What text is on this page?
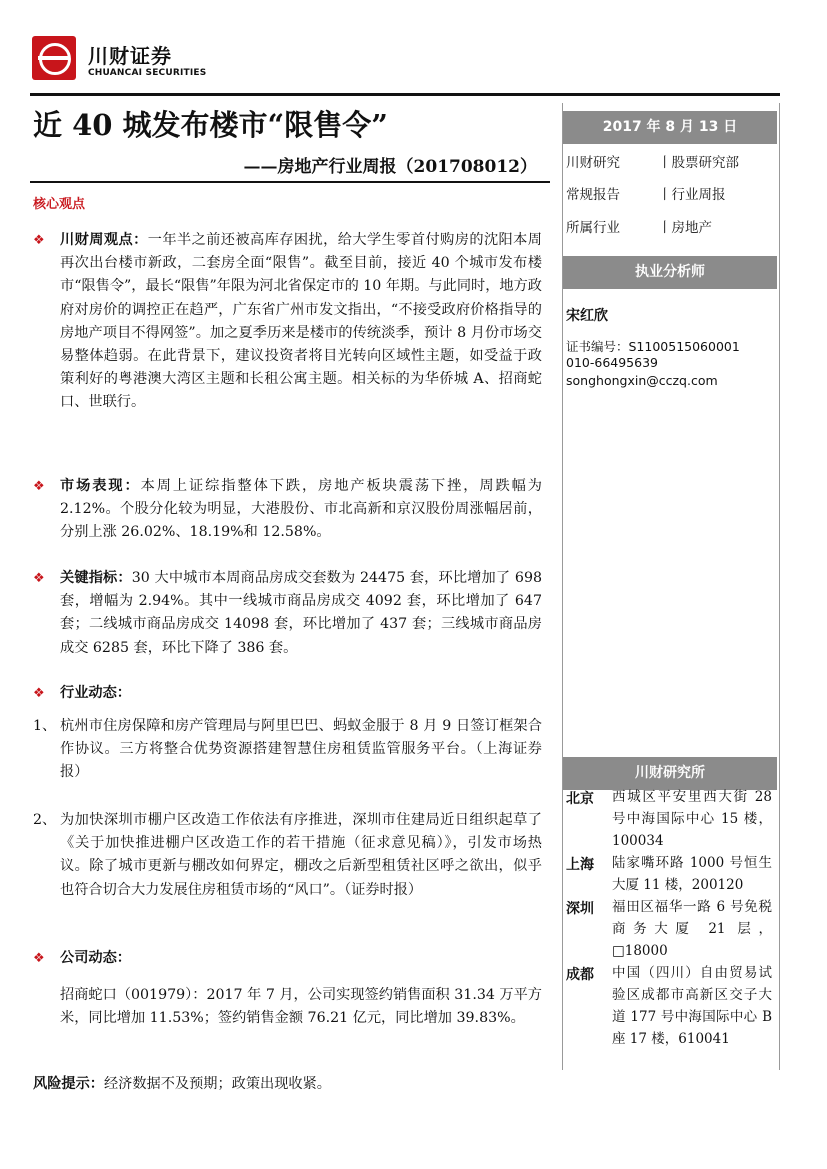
川财证券
CHUANCAI SECURITIES
近 40 城发布楼市“限售令”
——房地产行业周报（201708012）
2017 年 8 月 13 日
川财研究	丨股票研究部
常规报告	丨行业周报
所属行业	丨房地产
执业分析师
宋红欣
证书编号：S1100515060001
010-66495639
songhongxin@cczq.com
川财研究所
北京 西城区平安里西大街 28 号中海国际中心 15 楼，100034
上海 陆家嘴环路 1000 号恒生大厦 11 楼，200120
深圳 福田区福华一路 6 号免税商务大厦 21 层，□18000
成都 中国（四川）自由贸易试验区成都市高新区交子大道 177 号中海国际中心 B 座 17 楼，610041
核心观点
❖ 川财周观点：一年半之前还被高库存困扰，给大学生零首付购房的沈阳本周再次出台楼市新政，二套房全面“限售”。截至目前，接近 40 个城市发布楼市“限售令”，最长“限售”年限为河北省保定市的 10 年期。与此同时，地方政府对房价的调控正在趋严，广东省广州市发文指出，“不接受政府价格指导的房地产项目不得网签”。加之夏季历来是楼市的传统淡季，预计 8 月份市场交易整体趋弱。在此背景下，建议投资者将目光转向区域性主题，如受益于政策利好的粤港澳大湾区主题和长租公寓主题。相关标的为华侨城 A、招商蛇口、世联行。
❖ 市场表现：本周上证综指整体下跌，房地产板块震荡下挫，周跌幅为 2.12%。个股分化较为明显，大港股份、市北高新和京汉股份周涨幅居前，分别上涨 26.02%、18.19%和 12.58%。
❖ 关键指标：30 大中城市本周商品房成交套数为 24475 套，环比增加了 698 套，增幅为 2.94%。其中一线城市商品房成交 4092 套，环比增加了 647 套；二线城市商品房成交 14098 套，环比增加了 437 套；三线城市商品房成交 6285 套，环比下降了 386 套。
❖ 行业动态：
1、 杭州市住房保障和房产管理局与阿里巴巴、蚂蚁金服于 8 月 9 日签订框架合作协议。三方将整合优势资源搭建智慧住房租赁监管服务平台。（上海证券报）
2、 为加快深圳市棚户区改造工作依法有序推进，深圳市住建局近日组织起草了《关于加快推进棚户区改造工作的若干措施（征求意见稿）》，引发市场热议。除了城市更新与棚改如何界定，棚改之后新型租赁社区呼之欲出，似乎也符合切合大力发展住房租赁市场的“风口”。（证券时报）
❖ 公司动态：
招商蛇口（001979）：2017 年 7 月，公司实现签约销售面积 31.34 万平方米，同比增加 11.53%；签约销售金额 76.21 亿元，同比增加 39.83%。
风险提示：经济数据不及预期；政策出现收紧。
